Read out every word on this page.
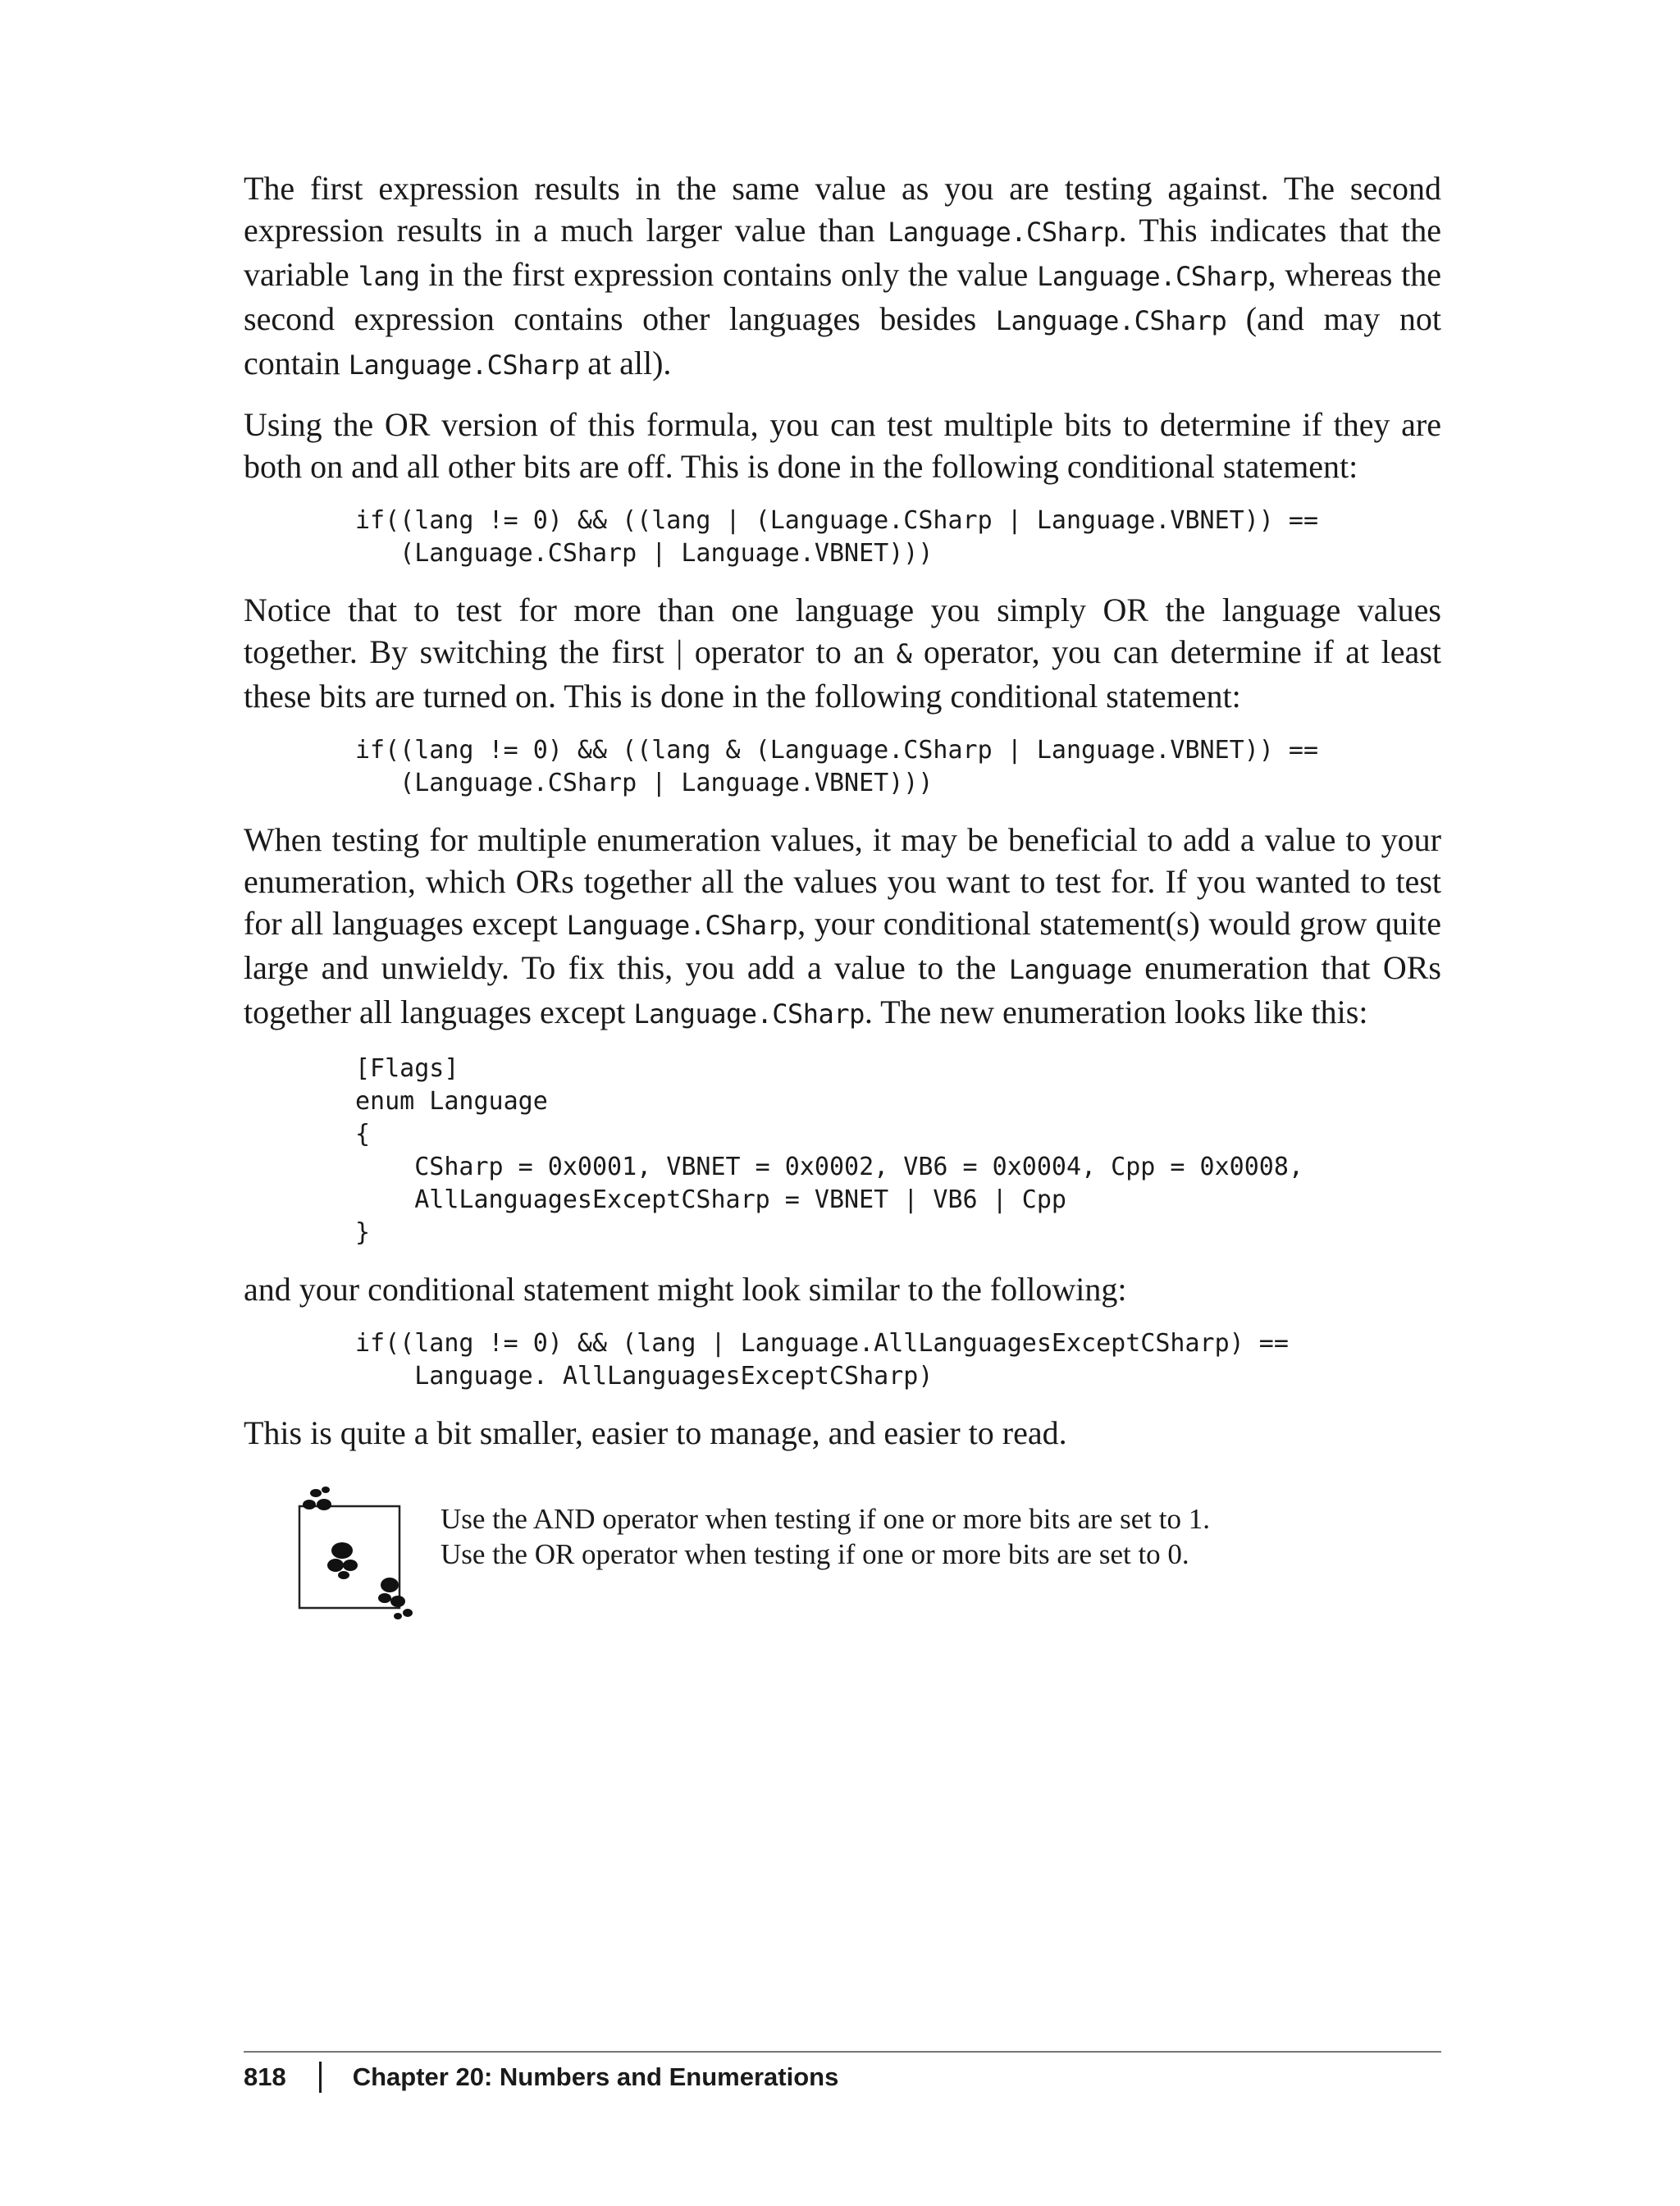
The first expression results in the same value as you are testing against. The second expression results in a much larger value than Language.CSharp. This indicates that the variable lang in the first expression contains only the value Language.CSharp, whereas the second expression contains other languages besides Language.CSharp (and may not contain Language.CSharp at all).

Using the OR version of this formula, you can test multiple bits to determine if they are both on and all other bits are off. This is done in the following conditional statement:

if((lang != 0) && ((lang | (Language.CSharp | Language.VBNET)) ==
(Language.CSharp | Language.VBNET)))

Notice that to test for more than one language you simply OR the language values together. By switching the first | operator to an & operator, you can determine if at least these bits are turned on. This is done in the following conditional statement:

if((lang != 0) && ((lang & (Language.CSharp | Language.VBNET)) ==
(Language.CSharp | Language.VBNET)))

When testing for multiple enumeration values, it may be beneficial to add a value to your enumeration, which ORs together all the values you want to test for. If you wanted to test for all languages except Language.CSharp, your conditional statement(s) would grow quite large and unwieldy. To fix this, you add a value to the Language enumeration that ORs together all languages except Language.CSharp. The new enumeration looks like this:

[Flags]
enum Language
{
CSharp = 0x0001, VBNET = 0x0002, VB6 = 0x0004, Cpp = 0x0008,
AllLanguagesExceptCSharp = VBNET | VB6 | Cpp
}

and your conditional statement might look similar to the following:

if((lang != 0) && (lang | Language.AllLanguagesExceptCSharp) ==
Language. AllLanguagesExceptCSharp)

This is quite a bit smaller, easier to manage, and easier to read.

Use the AND operator when testing if one or more bits are set to 1.
Use the OR operator when testing if one or more bits are set to 0.
818	Chapter 20: Numbers and Enumerations
